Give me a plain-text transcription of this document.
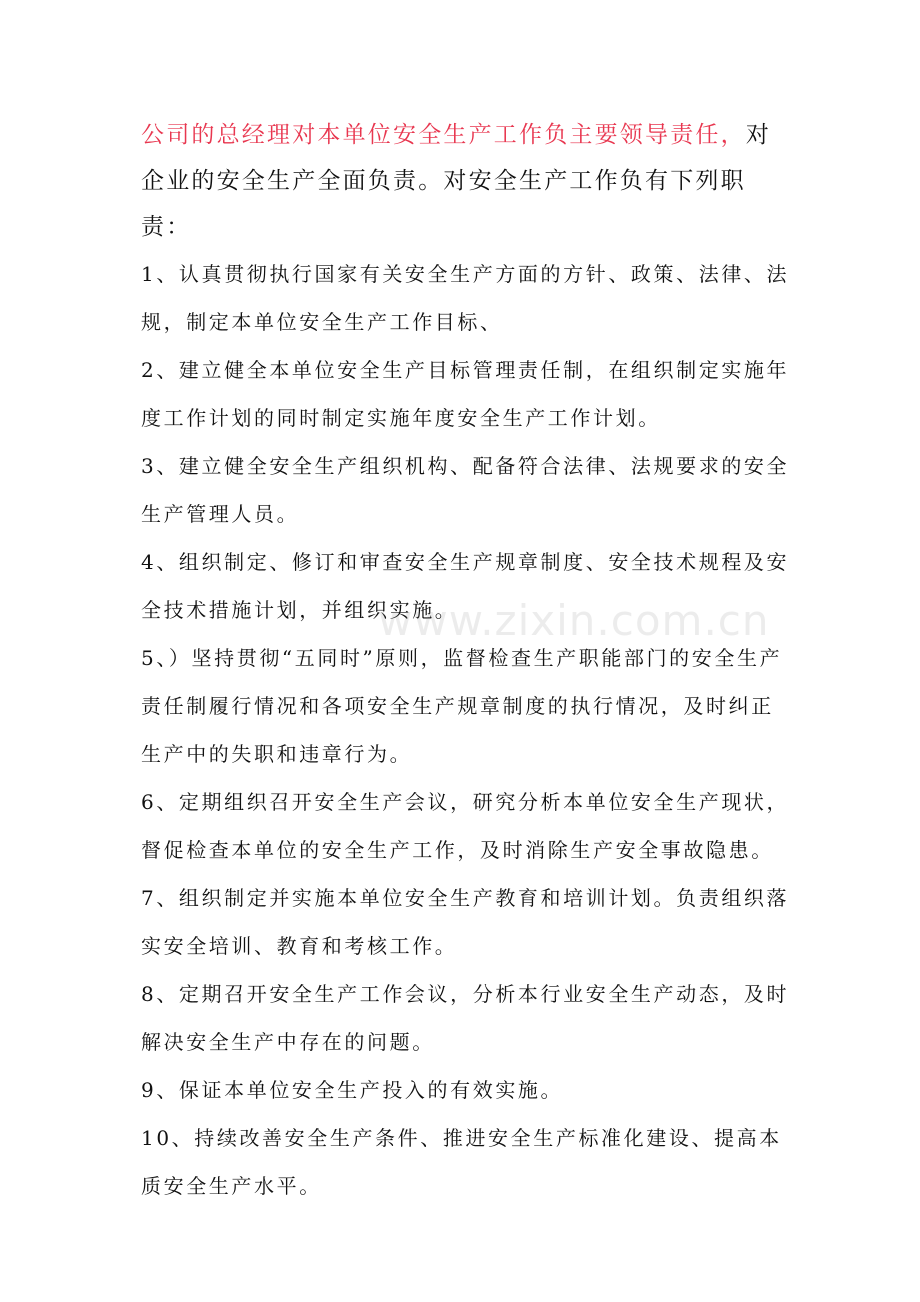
公司的总经理对本单位安全生产工作负主要领导责任，对企业的安全生产全面负责。对安全生产工作负有下列职责：

1、认真贯彻执行国家有关安全生产方面的方针、政策、法律、法规，制定本单位安全生产工作目标、

2、建立健全本单位安全生产目标管理责任制，在组织制定实施年度工作计划的同时制定实施年度安全生产工作计划。

3、建立健全安全生产组织机构、配备符合法律、法规要求的安全生产管理人员。

4、组织制定、修订和审查安全生产规章制度、安全技术规程及安全技术措施计划，并组织实施。

5、）坚持贯彻“五同时”原则，监督检查生产职能部门的安全生产责任制履行情况和各项安全生产规章制度的执行情况，及时纠正生产中的失职和违章行为。

6、定期组织召开安全生产会议，研究分析本单位安全生产现状，督促检查本单位的安全生产工作，及时消除生产安全事故隐患。

7、组织制定并实施本单位安全生产教育和培训计划。负责组织落实安全培训、教育和考核工作。

8、定期召开安全生产工作会议，分析本行业安全生产动态，及时解决安全生产中存在的问题。

9、保证本单位安全生产投入的有效实施。

10、持续改善安全生产条件、推进安全生产标准化建设、提高本质安全生产水平。

www.zixin.com.cn
